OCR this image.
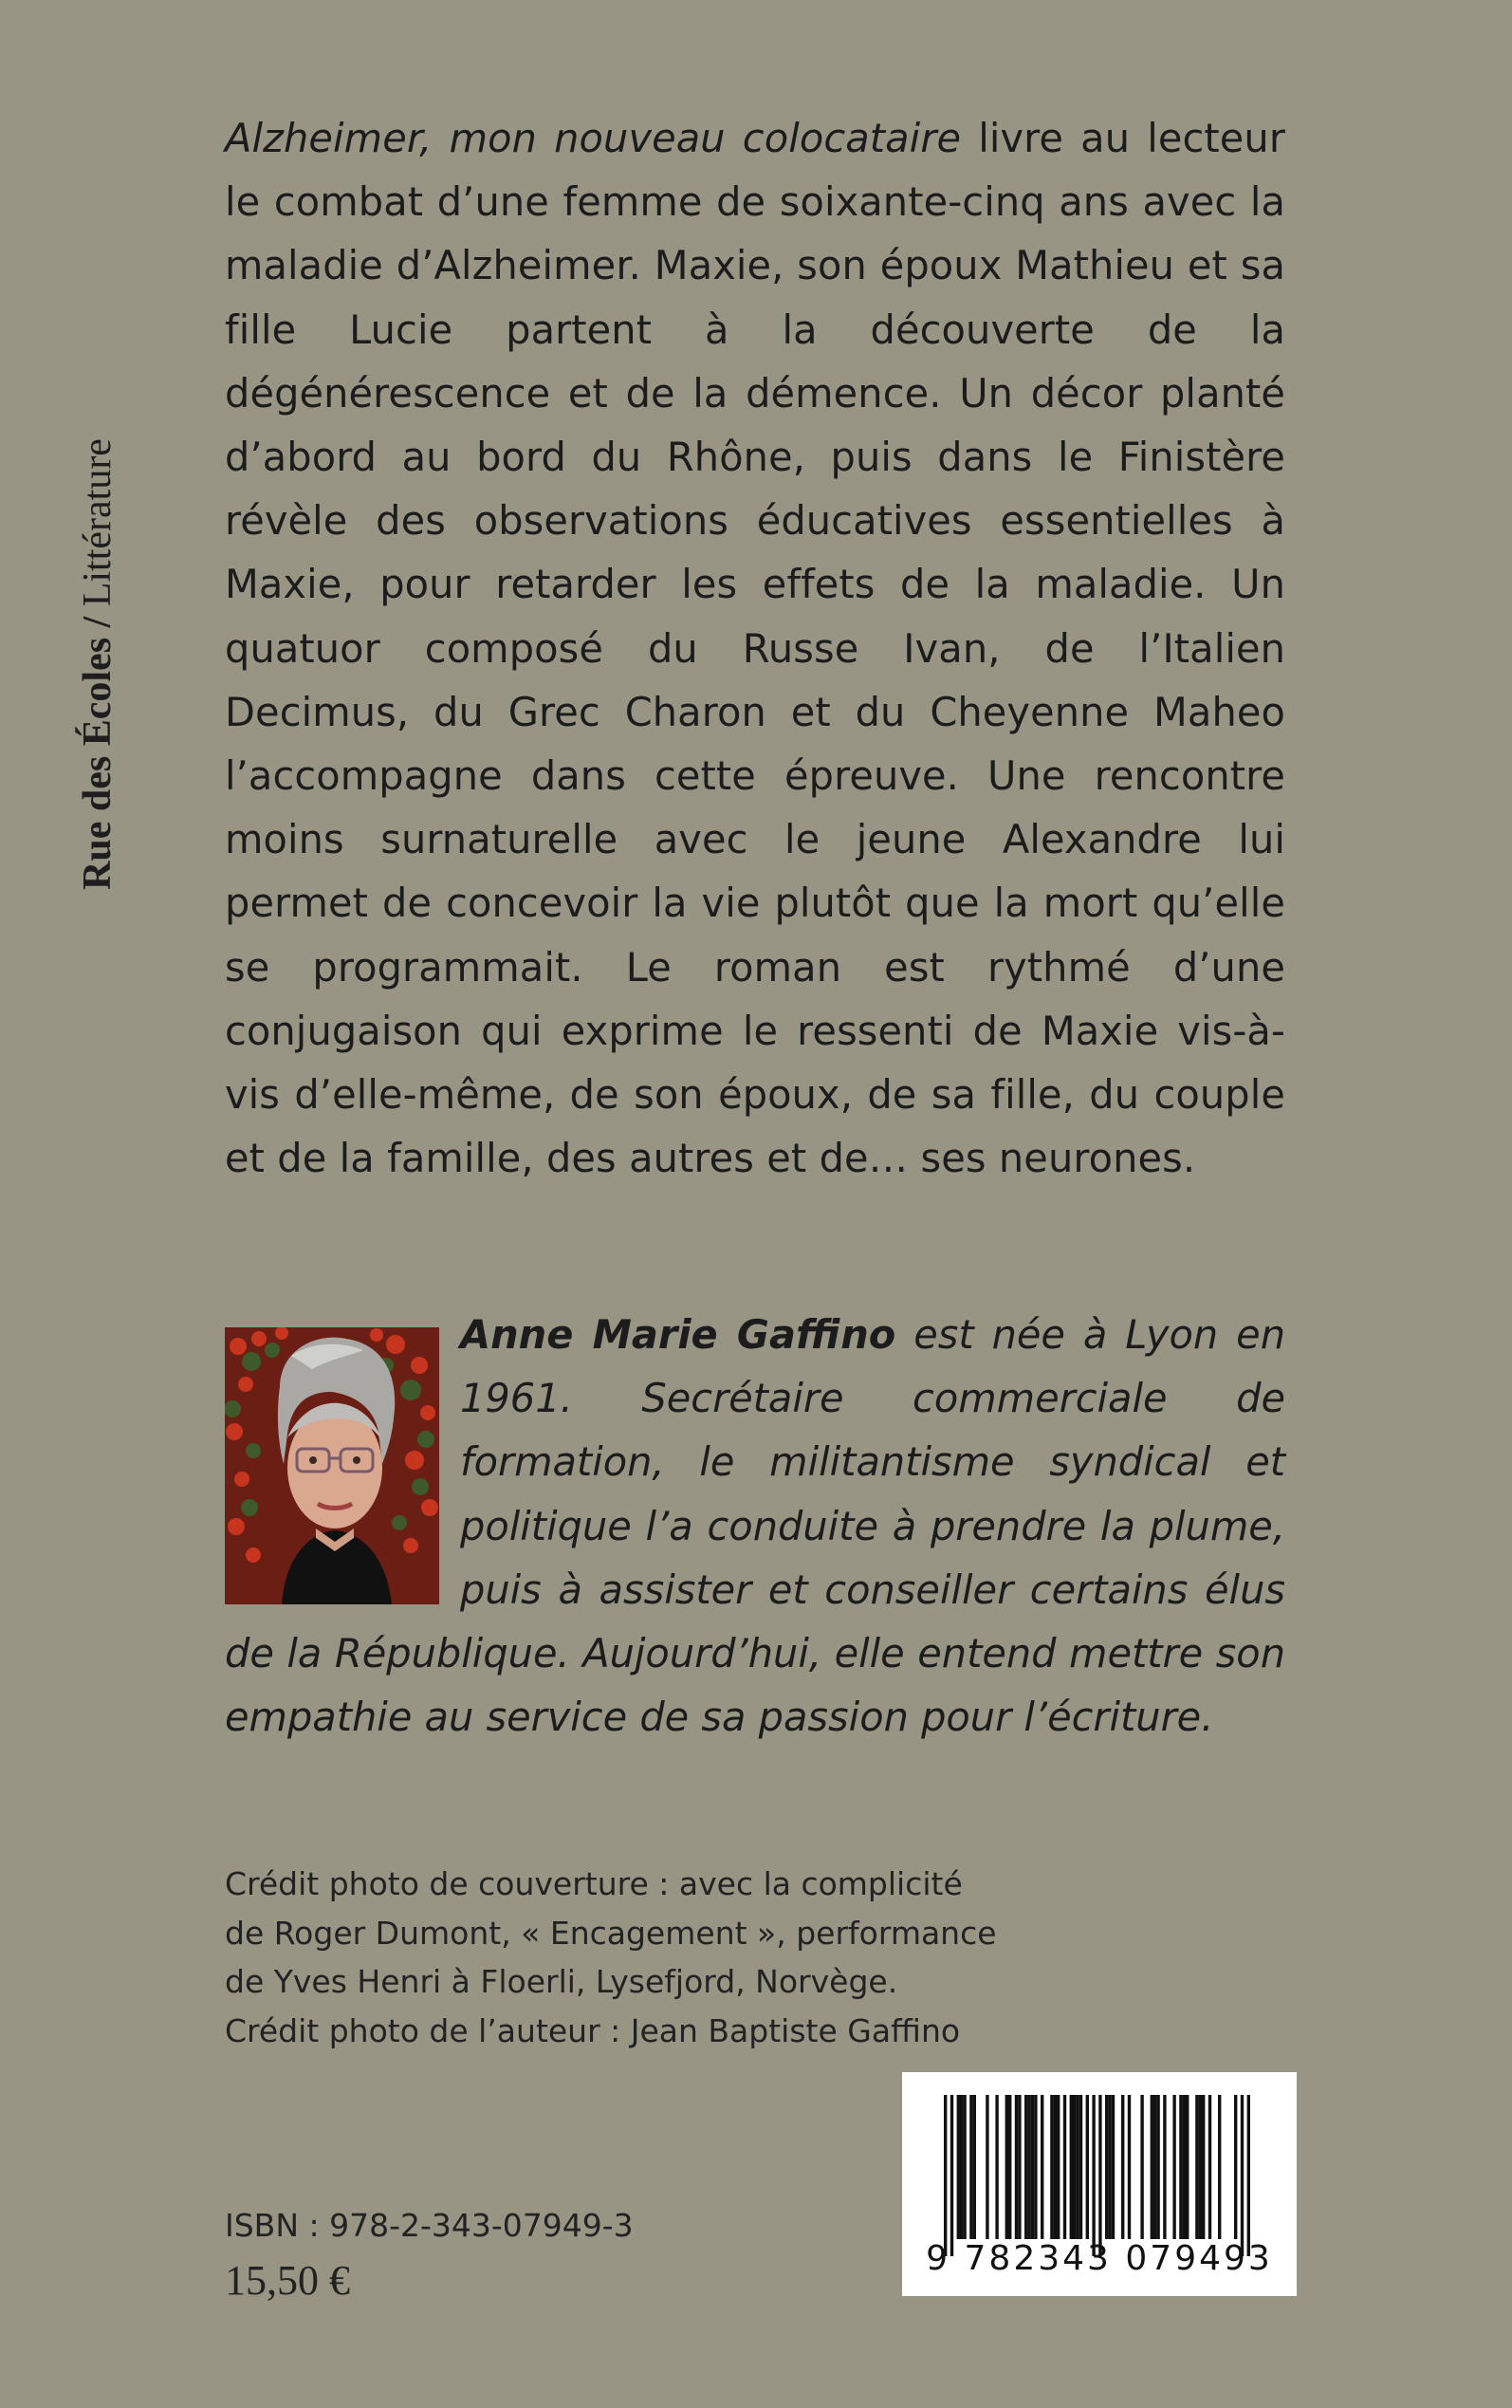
Rue des Écoles / Littérature
Alzheimer, mon nouveau colocataire livre au lecteur le combat d’une femme de soixante-cinq ans avec la maladie d’Alzheimer. Maxie, son époux Mathieu et sa fille Lucie partent à la découverte de la dégénérescence et de la démence. Un décor planté d’abord au bord du Rhône, puis dans le Finistère révèle des observations éducatives essentielles à Maxie, pour retarder les effets de la maladie. Un quatuor composé du Russe Ivan, de l’Italien Decimus, du Grec Charon et du Cheyenne Maheo l’accompagne dans cette épreuve. Une rencontre moins surnaturelle avec le jeune Alexandre lui permet de concevoir la vie plutôt que la mort qu’elle se programmait. Le roman est rythmé d’une conjugaison qui exprime le ressenti de Maxie vis-à-vis d’elle-même, de son époux, de sa fille, du couple et de la famille, des autres et de… ses neurones.
Anne Marie Gaffino est née à Lyon en 1961. Secrétaire commerciale de formation, le militantisme syndical et politique l’a conduite à prendre la plume, puis à assister et conseiller certains élus de la République. Aujourd’hui, elle entend mettre son empathie au service de sa passion pour l’écriture.
Crédit photo de couverture : avec la complicité
de Roger Dumont, « Encagement », performance
de Yves Henri à Floerli, Lysefjord, Norvège.
Crédit photo de l’auteur : Jean Baptiste Gaffino
ISBN : 978-2-343-07949-3
15,50 €	9 782343 079493
